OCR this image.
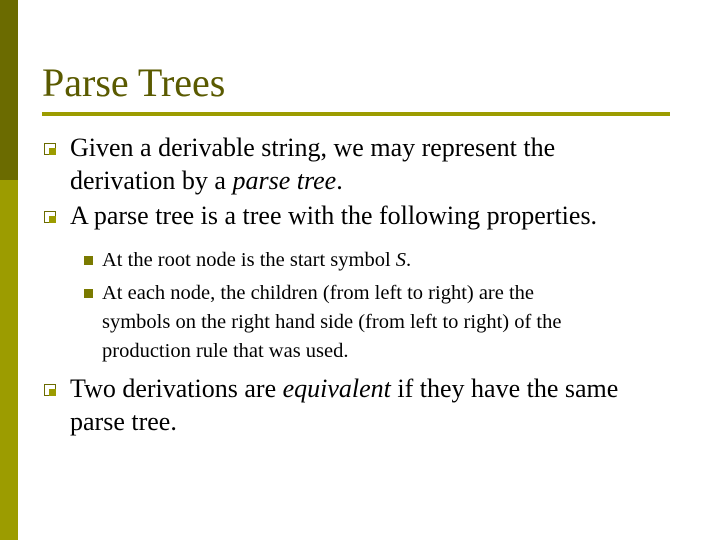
Parse Trees
Given a derivable string, we may represent the
derivation by a parse tree.
A parse tree is a tree with the following properties.
At the root node is the start symbol S.
At each node, the children (from left to right) are the
symbols on the right hand side (from left to right) of the
production rule that was used.
Two derivations are equivalent if they have the same
parse tree.
